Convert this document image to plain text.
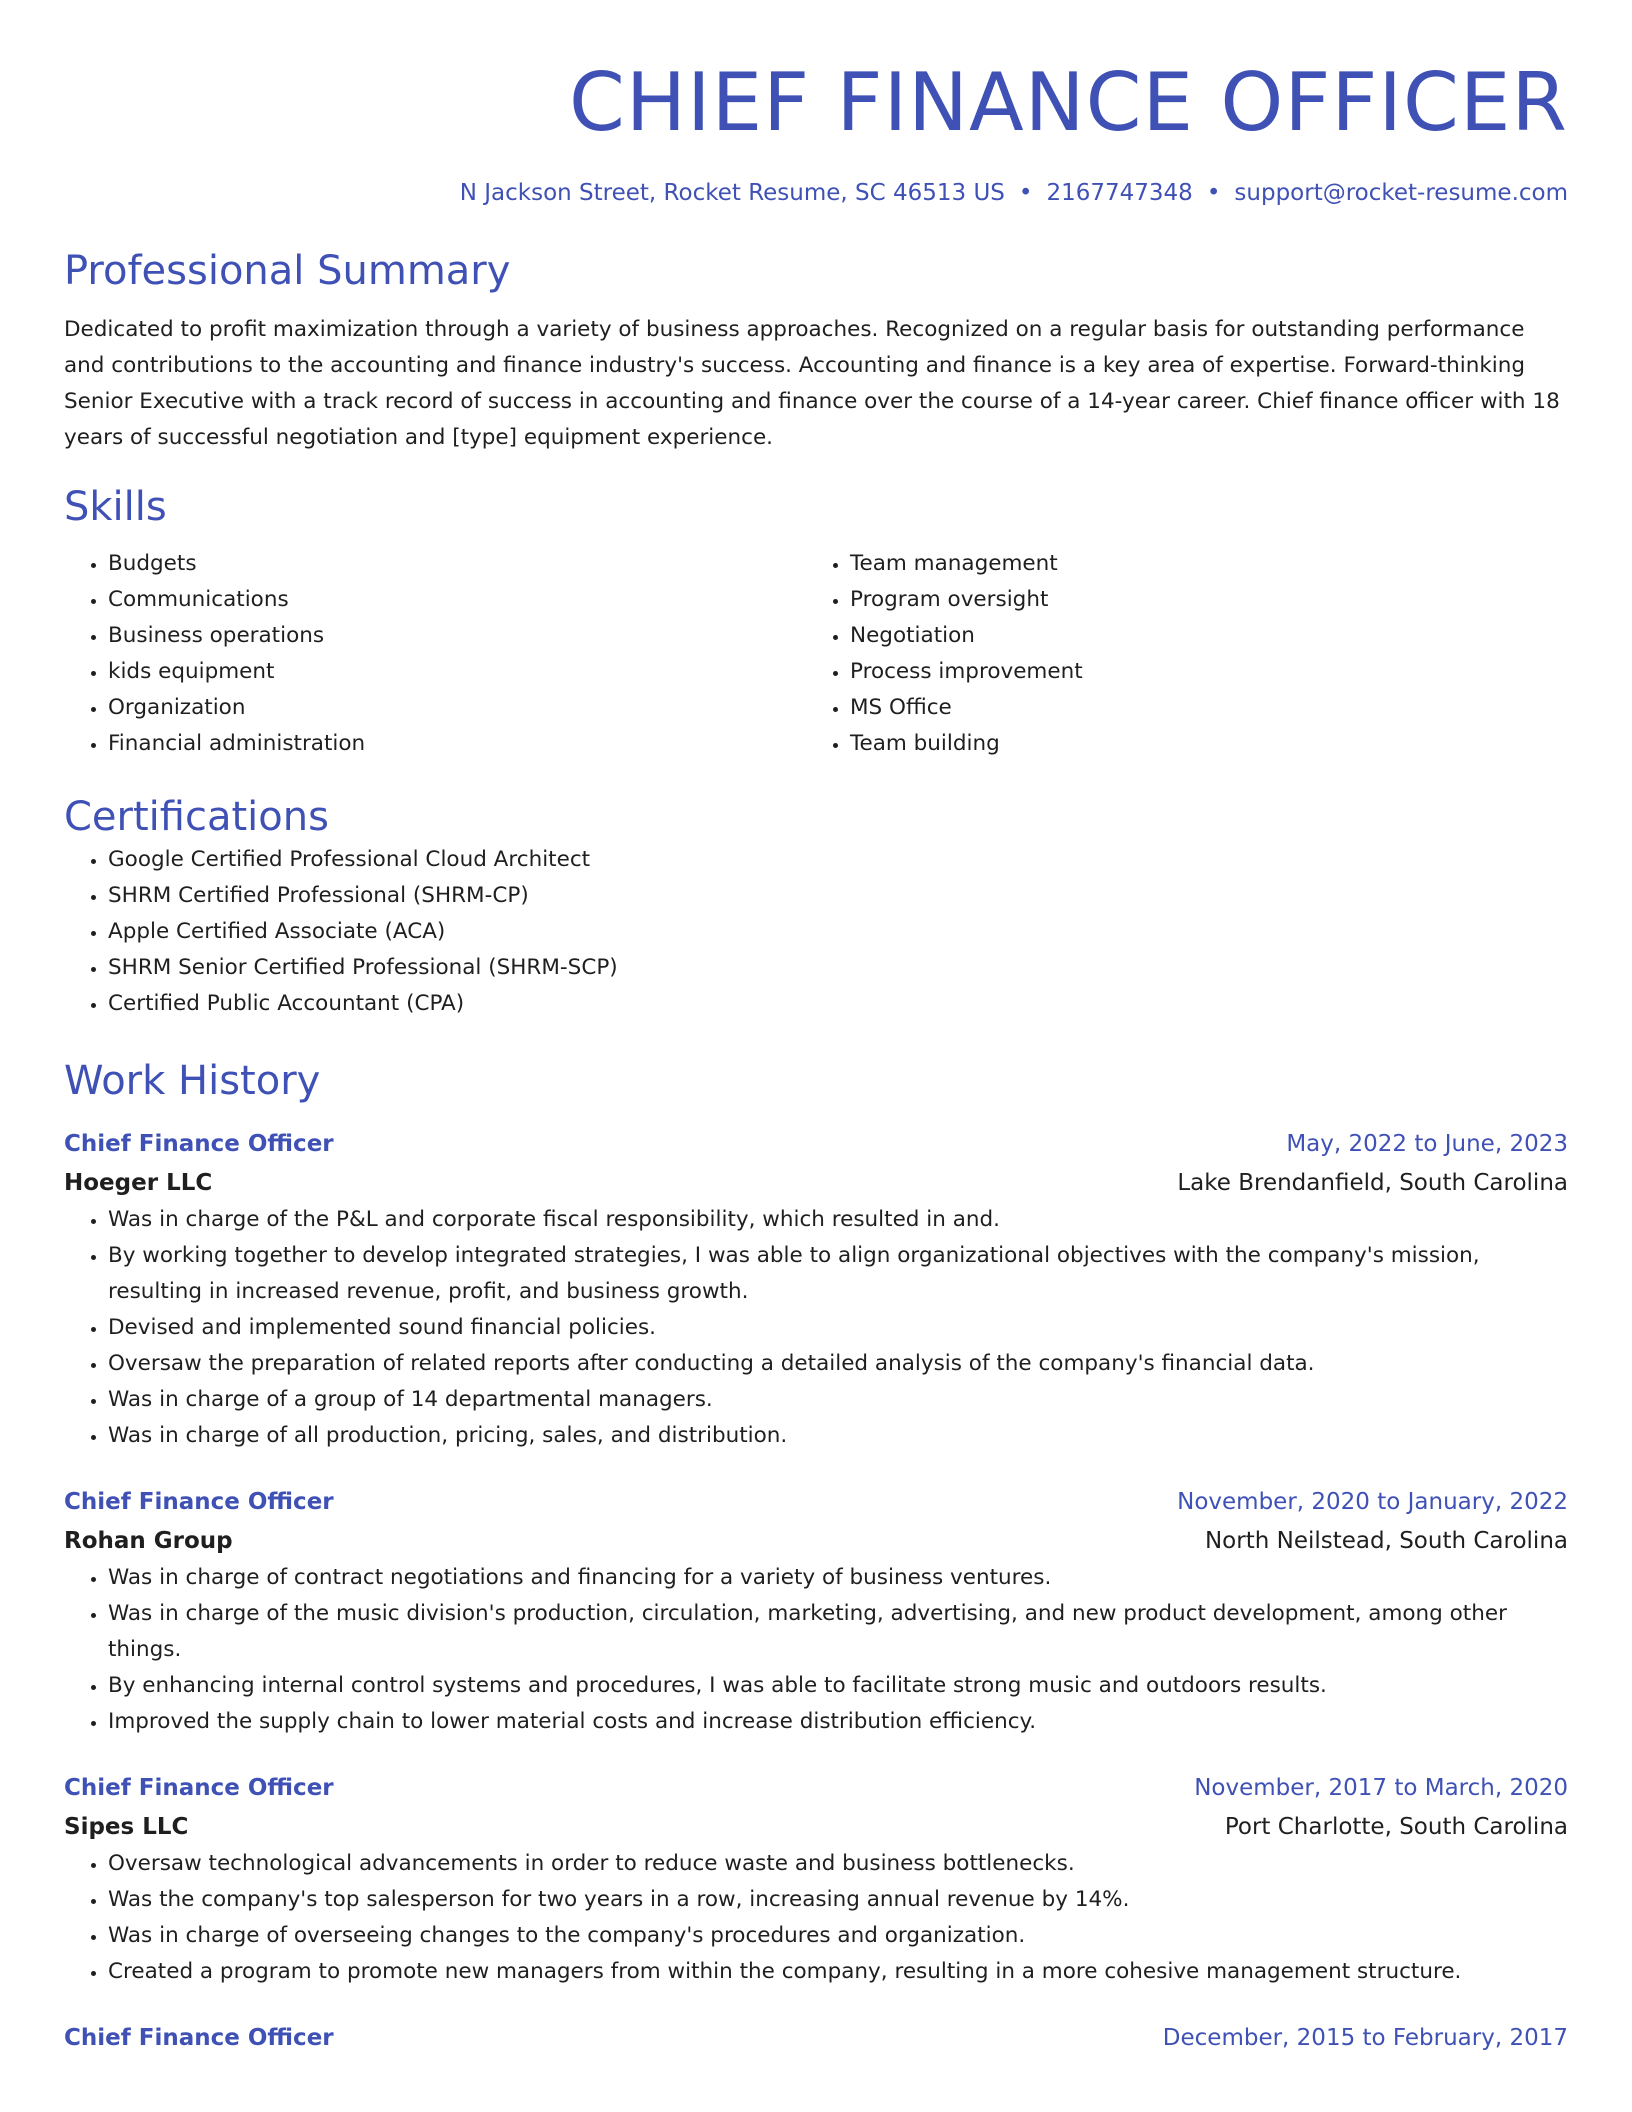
CHIEF FINANCE OFFICER
N Jackson Street, Rocket Resume, SC 46513 US • 2167747348 • support@rocket-resume.com
Professional Summary
Dedicated to profit maximization through a variety of business approaches. Recognized on a regular basis for outstanding performance and contributions to the accounting and finance industry's success. Accounting and finance is a key area of expertise. Forward-thinking Senior Executive with a track record of success in accounting and finance over the course of a 14-year career. Chief finance officer with 18 years of successful negotiation and [type] equipment experience.
Skills
• Budgets
• Communications
• Business operations
• kids equipment
• Organization
• Financial administration
• Team management
• Program oversight
• Negotiation
• Process improvement
• MS Office
• Team building
Certifications
• Google Certified Professional Cloud Architect
• SHRM Certified Professional (SHRM-CP)
• Apple Certified Associate (ACA)
• SHRM Senior Certified Professional (SHRM-SCP)
• Certified Public Accountant (CPA)
Work History
Chief Finance Officer	May, 2022 to June, 2023
Hoeger LLC	Lake Brendanfield, South Carolina
• Was in charge of the P&L and corporate fiscal responsibility, which resulted in and.
• By working together to develop integrated strategies, I was able to align organizational objectives with the company's mission, resulting in increased revenue, profit, and business growth.
• Devised and implemented sound financial policies.
• Oversaw the preparation of related reports after conducting a detailed analysis of the company's financial data.
• Was in charge of a group of 14 departmental managers.
• Was in charge of all production, pricing, sales, and distribution.
Chief Finance Officer	November, 2020 to January, 2022
Rohan Group	North Neilstead, South Carolina
• Was in charge of contract negotiations and financing for a variety of business ventures.
• Was in charge of the music division's production, circulation, marketing, advertising, and new product development, among other things.
• By enhancing internal control systems and procedures, I was able to facilitate strong music and outdoors results.
• Improved the supply chain to lower material costs and increase distribution efficiency.
Chief Finance Officer	November, 2017 to March, 2020
Sipes LLC	Port Charlotte, South Carolina
• Oversaw technological advancements in order to reduce waste and business bottlenecks.
• Was the company's top salesperson for two years in a row, increasing annual revenue by 14%.
• Was in charge of overseeing changes to the company's procedures and organization.
• Created a program to promote new managers from within the company, resulting in a more cohesive management structure.
Chief Finance Officer	December, 2015 to February, 2017
